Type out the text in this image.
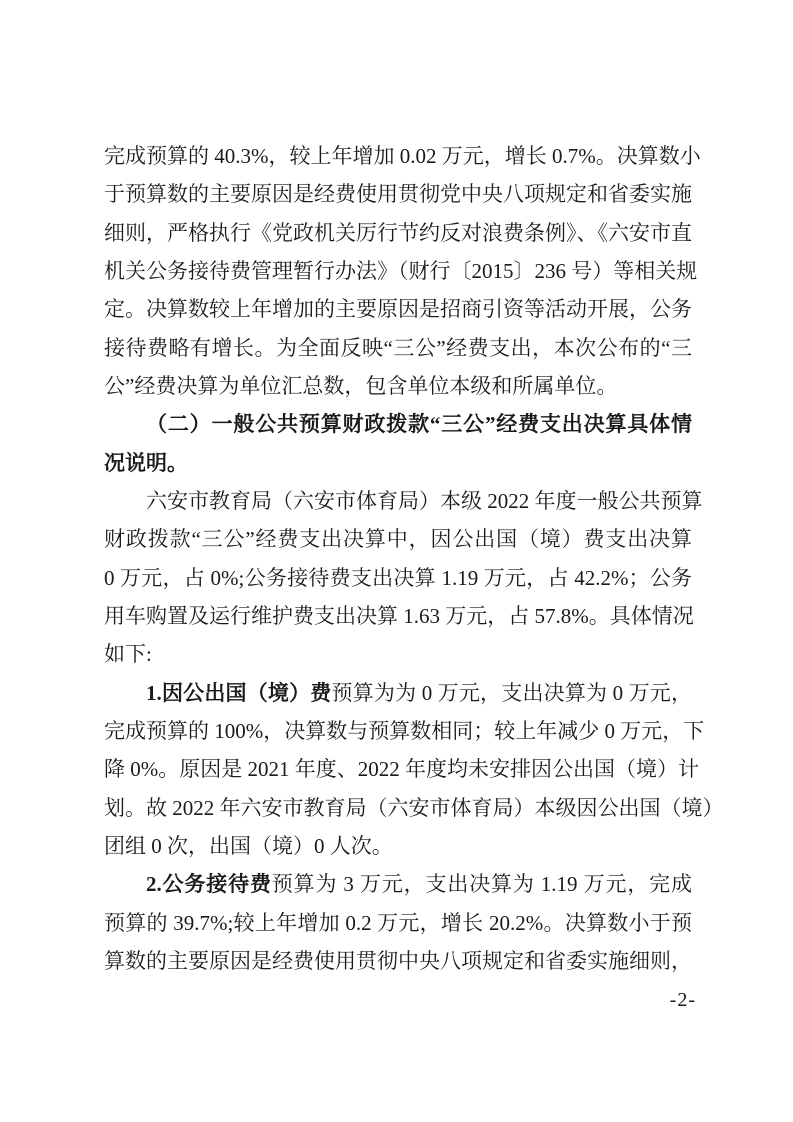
完成预算的 40.3%，较上年增加 0.02 万元，增长 0.7%。决算数小
于预算数的主要原因是经费使用贯彻党中央八项规定和省委实施
细则，严格执行《党政机关厉行节约反对浪费条例》、《六安市直
机关公务接待费管理暂行办法》（财行〔2015〕236 号）等相关规
定。决算数较上年增加的主要原因是招商引资等活动开展，公务
接待费略有增长。为全面反映“三公”经费支出，本次公布的“三
公”经费决算为单位汇总数，包含单位本级和所属单位。
（二）一般公共预算财政拨款“三公”经费支出决算具体情
况说明。
六安市教育局（六安市体育局）本级 2022 年度一般公共预算
财政拨款“三公”经费支出决算中，因公出国（境）费支出决算
0 万元，占 0%;公务接待费支出决算 1.19 万元，占 42.2%；公务
用车购置及运行维护费支出决算 1.63 万元，占 57.8%。具体情况
如下:
1.因公出国（境）费预算为为 0 万元，支出决算为 0 万元，
完成预算的 100%，决算数与预算数相同；较上年减少 0 万元，下
降 0%。原因是 2021 年度、2022 年度均未安排因公出国（境）计
划。故 2022 年六安市教育局（六安市体育局）本级因公出国（境）
团组 0 次，出国（境）0 人次。
2.公务接待费预算为 3 万元，支出决算为 1.19 万元，完成
预算的 39.7%;较上年增加 0.2 万元，增长 20.2%。决算数小于预
算数的主要原因是经费使用贯彻中央八项规定和省委实施细则，
-2-
